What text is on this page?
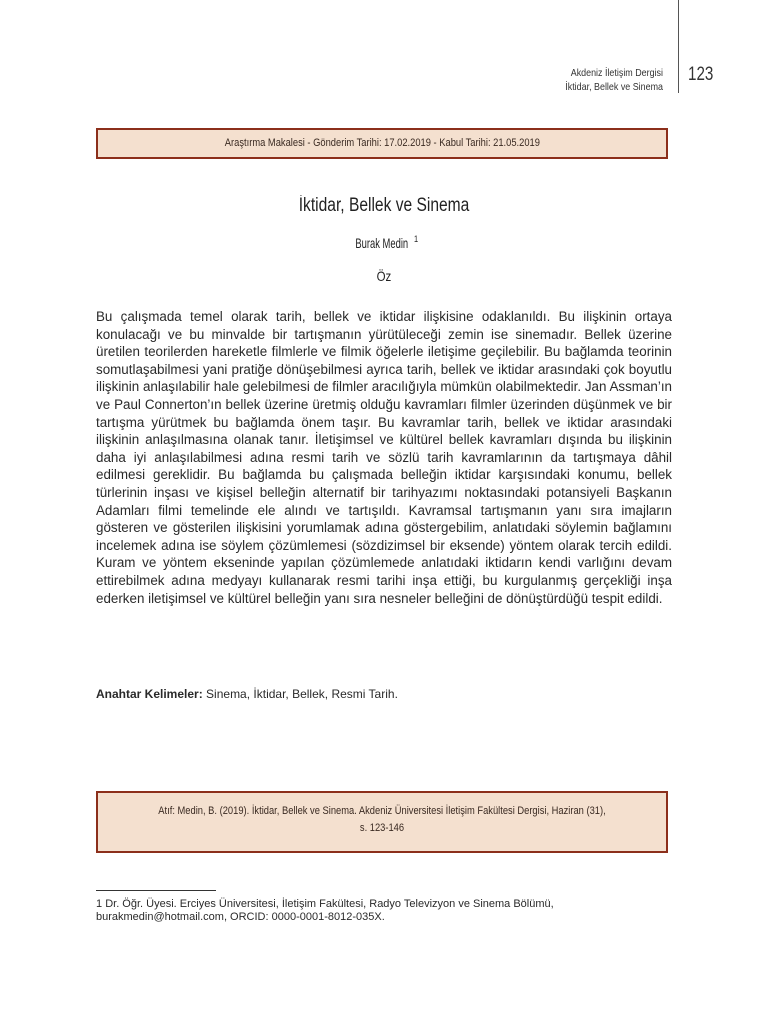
Akdeniz İletişim Dergisi
İktidar, Bellek ve Sinema
123
Araştırma Makalesi - Gönderim Tarihi: 17.02.2019 - Kabul Tarihi: 21.05.2019
İktidar, Bellek ve Sinema
Burak Medin $^1$
Öz

Bu çalışmada temel olarak tarih, bellek ve iktidar ilişkisine odaklanıldı. Bu ilişkinin ortaya konulacağı ve bu minvalde bir tartışmanın yürütüleceği zemin ise sinemadır. Bellek üzerine üretilen teorilerden hareketle filmlerle ve filmik öğelerle iletişime geçilebilir. Bu bağlamda teorinin somutlaşabilmesi yani pratiğe dönüşebilmesi ayrıca tarih, bellek ve iktidar arasındaki çok boyutlu ilişkinin anlaşılabilir hale gelebilmesi de filmler aracılığıyla mümkün olabilmektedir. Jan Assman’ın ve Paul Connerton’ın bellek üzerine üretmiş olduğu kavramları filmler üzerinden düşünmek ve bir tartışma yürütmek bu bağlamda önem taşır. Bu kavramlar tarih, bellek ve iktidar arasındaki ilişkinin anlaşılmasına olanak tanır. İletişimsel ve kültürel bellek kavramları dışında bu ilişkinin daha iyi anlaşılabilmesi adına resmi tarih ve sözlü tarih kavramlarının da tartışmaya dâhil edilmesi gereklidir. Bu bağlamda bu çalışmada belleğin iktidar karşısındaki konumu, bellek türlerinin inşası ve kişisel belleğin alternatif bir tarihyazımı noktasındaki potansiyeli Başkanın Adamları filmi temelinde ele alındı ve tartışıldı. Kavramsal tartışmanın yanı sıra imajların gösteren ve gösterilen ilişkisini yorumlamak adına göstergebilim, anlatıdaki söylemin bağlamını incelemek adına ise söylem çözümlemesi (sözdizimsel bir eksende) yöntem olarak tercih edildi. Kuram ve yöntem ekseninde yapılan çözümlemede anlatıdaki iktidarın kendi varlığını devam ettirebilmek adına medyayı kullanarak resmi tarihi inşa ettiği, bu kurgulanmış gerçekliği inşa ederken iletişimsel ve kültürel belleğin yanı sıra nesneler belleğini de dönüştürdüğü tespit edildi.

Anahtar Kelimeler: Sinema, İktidar, Bellek, Resmi Tarih.
Atıf: Medin, B. (2019). İktidar, Bellek ve Sinema. Akdeniz Üniversitesi İletişim Fakültesi Dergisi, Haziran (31), s. 123-146
1 Dr. Öğr. Üyesi. Erciyes Üniversitesi, İletişim Fakültesi, Radyo Televizyon ve Sinema Bölümü, burakmedin@hotmail.com, ORCID: 0000-0001-8012-035X.
